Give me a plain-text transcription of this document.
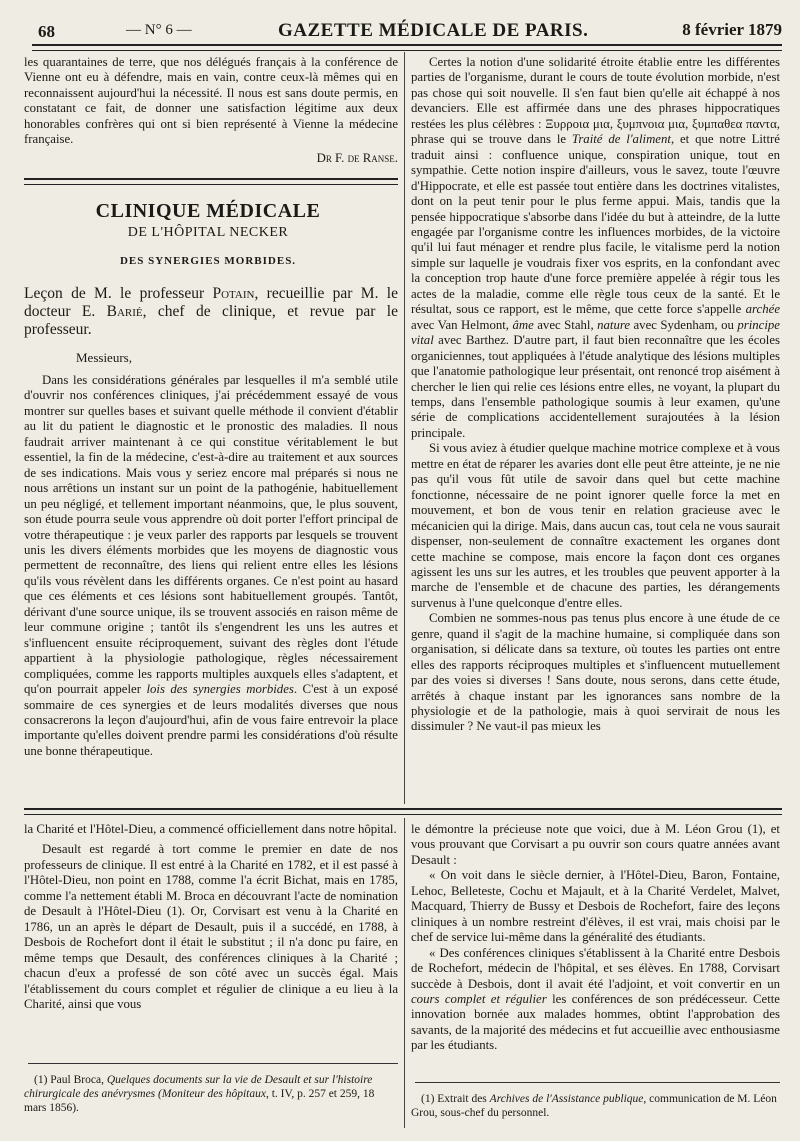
68	— N° 6 —	GAZETTE MÉDICALE DE PARIS.	8 février 1879

les quarantaines de terre, que nos délégués français à la conférence de Vienne ont eu à défendre, mais en vain, contre ceux-là mêmes qui en reconnaissent aujourd'hui la nécessité. Il nous est sans doute permis, en constatant ce fait, de donner une satisfaction légitime aux deux honorables confrères qui ont si bien représenté à Vienne la médecine française.

Dr F. de Ranse.
CLINIQUE MÉDICALE
DE L'HÔPITAL NECKER
DES SYNERGIES MORBIDES.
Leçon de M. le professeur Potain, recueillie par M. le docteur E. Barié, chef de clinique, et revue par le professeur.
Messieurs,

Dans les considérations générales par lesquelles il m'a semblé utile d'ouvrir nos conférences cliniques, j'ai précédemment essayé de vous montrer sur quelles bases et suivant quelle méthode il convient d'établir au lit du patient le diagnostic et le pronostic des maladies. Il nous faudrait arriver maintenant à ce qui constitue véritablement le but essentiel, la fin de la médecine, c'est-à-dire au traitement et aux sources de ses indications. Mais vous y seriez encore mal préparés si nous ne nous arrêtions un instant sur un point de la pathogénie, habituellement un peu négligé, et tellement important néanmoins, que, le plus souvent, son étude pourra seule vous apprendre où doit porter l'effort principal de votre thérapeutique : je veux parler des rapports par lesquels se trouvent unis les divers éléments morbides que les moyens de diagnostic vous permettent de reconnaître, des liens qui relient entre elles les lésions qu'ils vous révèlent dans les différents organes. Ce n'est point au hasard que ces éléments et ces lésions sont habituellement groupés. Tantôt, dérivant d'une source unique, ils se trouvent associés en raison même de leur commune origine ; tantôt ils s'engendrent les uns les autres et s'influencent ensuite réciproquement, suivant des règles dont l'étude appartient à la physiologie pathologique, règles nécessairement compliquées, comme les rapports multiples auxquels elles s'adaptent, et qu'on pourrait appeler lois des synergies morbides. C'est à un exposé sommaire de ces synergies et de leurs modalités diverses que nous consacrerons la leçon d'aujourd'hui, afin de vous faire entrevoir la place importante qu'elles doivent prendre parmi les considérations d'où résulte une bonne thérapeutique.

Certes la notion d'une solidarité étroite établie entre les différentes parties de l'organisme, durant le cours de toute évolution morbide, n'est pas chose qui soit nouvelle. Il s'en faut bien qu'elle ait échappé à nos devanciers. Elle est affirmée dans une des phrases hippocratiques restées les plus célèbres : Ξυρροια μια, ξυμπνοια μια, ξυμπαθεα παντα, phrase qui se trouve dans le Traité de l'aliment, et que notre Littré traduit ainsi : confluence unique, conspiration unique, tout en sympathie. Cette notion inspire d'ailleurs, vous le savez, toute l'œuvre d'Hippocrate, et elle est passée tout entière dans les doctrines vitalistes, dont on la peut tenir pour le plus ferme appui. Mais, tandis que la pensée hippocratique s'absorbe dans l'idée du but à atteindre, de la lutte engagée par l'organisme contre les influences morbides, de la victoire qu'il lui faut ménager et rendre plus facile, le vitalisme perd la notion simple sur laquelle je voudrais fixer vos esprits, en la confondant avec la conception trop haute d'une force première appelée à régir tous les actes de la maladie, comme elle règle tous ceux de la santé. Et le résultat, sous ce rapport, est le même, que cette force s'appelle archée avec Van Helmont, âme avec Stahl, nature avec Sydenham, ou principe vital avec Barthez. D'autre part, il faut bien reconnaître que les écoles organiciennes, tout appliquées à l'étude analytique des lésions multiples que l'anatomie pathologique leur présentait, ont renoncé trop aisément à chercher le lien qui relie ces lésions entre elles, ne voyant, la plupart du temps, dans l'ensemble pathologique soumis à leur examen, qu'une série de complications accidentellement surajoutées à la lésion principale.

Si vous aviez à étudier quelque machine motrice complexe et à vous mettre en état de réparer les avaries dont elle peut être atteinte, je ne nie pas qu'il vous fût utile de savoir dans quel but cette machine fonctionne, nécessaire de ne point ignorer quelle force la met en mouvement, et bon de vous tenir en relation gracieuse avec le mécanicien qui la dirige. Mais, dans aucun cas, tout cela ne vous saurait dispenser, non-seulement de connaître exactement les organes dont cette machine se compose, mais encore la façon dont ces organes agissent les uns sur les autres, et les troubles que peuvent apporter à la marche de l'ensemble et de chacune des parties, les dérangements survenus à l'une quelconque d'entre elles.

Combien ne sommes-nous pas tenus plus encore à une étude de ce genre, quand il s'agit de la machine humaine, si compliquée dans son organisation, si délicate dans sa texture, où toutes les parties ont entre elles des rapports réciproques multiples et s'influencent mutuellement par des voies si diverses ! Sans doute, nous serons, dans cette étude, arrêtés à chaque instant par les ignorances sans nombre de la physiologie et de la pathologie, mais à quoi servirait de nous les dissimuler ? Ne vaut-il pas mieux les

la Charité et l'Hôtel-Dieu, a commencé officiellement dans notre hôpital.

Desault est regardé à tort comme le premier en date de nos professeurs de clinique. Il est entré à la Charité en 1782, et il est passé à l'Hôtel-Dieu, non point en 1788, comme l'a écrit Bichat, mais en 1785, comme l'a nettement établi M. Broca en découvrant l'acte de nomination de Desault à l'Hôtel-Dieu (1). Or, Corvisart est venu à la Charité en 1786, un an après le départ de Desault, puis il a succédé, en 1788, à Desbois de Rochefort dont il était le substitut ; il n'a donc pu faire, en même temps que Desault, des conférences cliniques à la Charité ; chacun d'eux a professé de son côté avec un succès égal. Mais l'établissement du cours complet et régulier de clinique a eu lieu à la Charité, ainsi que vous

(1) Paul Broca, Quelques documents sur la vie de Desault et sur l'histoire chirurgicale des anévrysmes (Moniteur des hôpitaux, t. IV, p. 257 et 259, 18 mars 1856).

le démontre la précieuse note que voici, due à M. Léon Grou (1), et vous prouvant que Corvisart a pu ouvrir son cours quatre années avant Desault :

« On voit dans le siècle dernier, à l'Hôtel-Dieu, Baron, Fontaine, Lehoc, Belleteste, Cochu et Majault, et à la Charité Verdelet, Malvet, Macquard, Thierry de Bussy et Desbois de Rochefort, faire des leçons cliniques à un nombre restreint d'élèves, il est vrai, mais choisi par le chef de service lui-même dans la généralité des étudiants.

« Des conférences cliniques s'établissent à la Charité entre Desbois de Rochefort, médecin de l'hôpital, et ses élèves. En 1788, Corvisart succède à Desbois, dont il avait été l'adjoint, et voit convertir en un cours complet et régulier les conférences de son prédécesseur. Cette innovation bornée aux malades hommes, obtint l'approbation des savants, de la majorité des médecins et fut accueillie avec enthousiasme par les étudiants.

(1) Extrait des Archives de l'Assistance publique, communication de M. Léon Grou, sous-chef du personnel.
